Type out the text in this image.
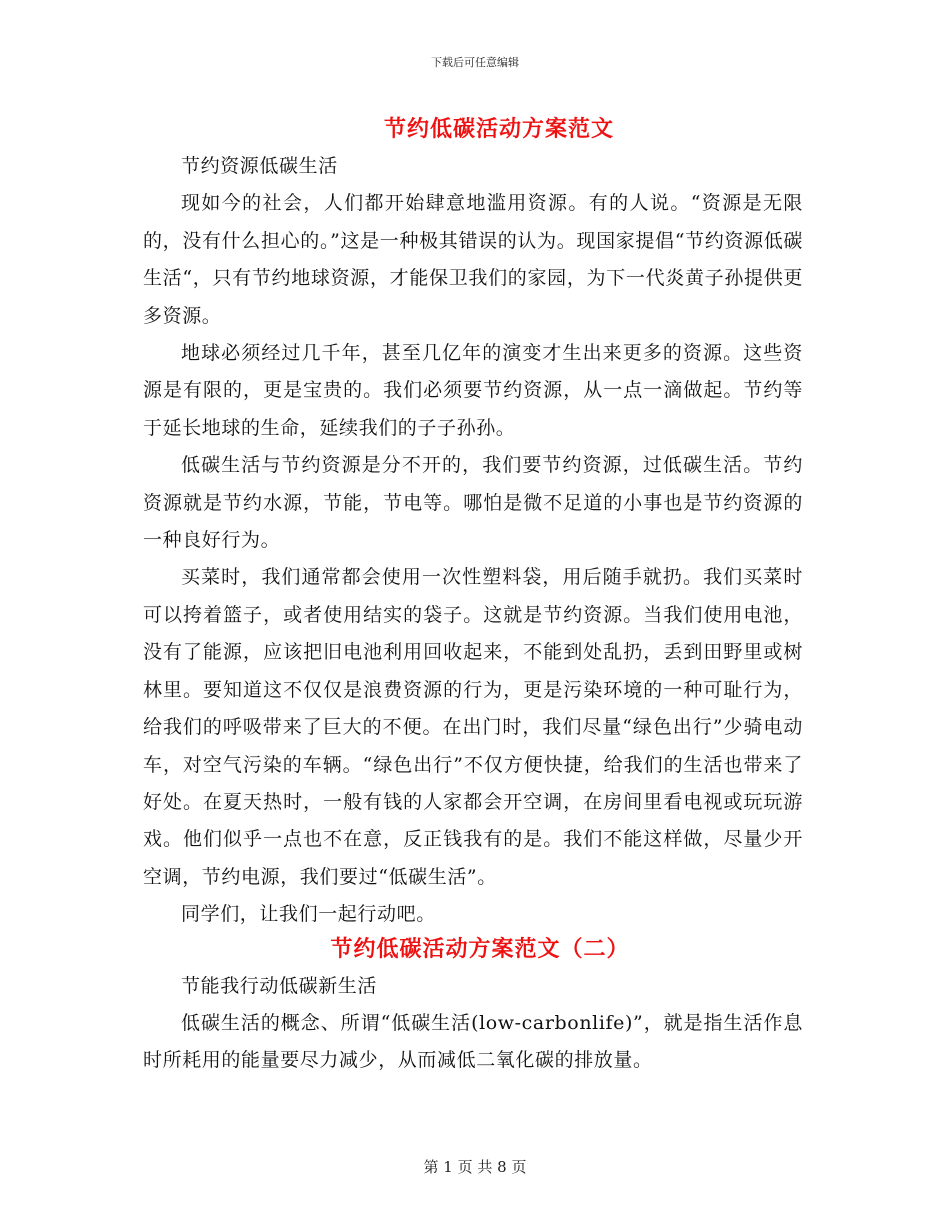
下载后可任意编辑
节约低碳活动方案范文

节约资源低碳生活

现如今的社会，人们都开始肆意地滥用资源。有的人说。“资源是无限的，没有什么担心的。”这是一种极其错误的认为。现国家提倡“节约资源低碳生活“，只有节约地球资源，才能保卫我们的家园，为下一代炎黄子孙提供更多资源。

地球必须经过几千年，甚至几亿年的演变才生出来更多的资源。这些资源是有限的，更是宝贵的。我们必须要节约资源，从一点一滴做起。节约等于延长地球的生命，延续我们的子子孙孙。

低碳生活与节约资源是分不开的，我们要节约资源，过低碳生活。节约资源就是节约水源，节能，节电等。哪怕是微不足道的小事也是节约资源的一种良好行为。

买菜时，我们通常都会使用一次性塑料袋，用后随手就扔。我们买菜时可以挎着篮子，或者使用结实的袋子。这就是节约资源。当我们使用电池，没有了能源，应该把旧电池利用回收起来，不能到处乱扔，丢到田野里或树林里。要知道这不仅仅是浪费资源的行为，更是污染环境的一种可耻行为，给我们的呼吸带来了巨大的不便。在出门时，我们尽量“绿色出行”少骑电动车，对空气污染的车辆。“绿色出行”不仅方便快捷，给我们的生活也带来了好处。在夏天热时，一般有钱的人家都会开空调，在房间里看电视或玩玩游戏。他们似乎一点也不在意，反正钱我有的是。我们不能这样做，尽量少开空调，节约电源，我们要过“低碳生活”。

同学们，让我们一起行动吧。

节约低碳活动方案范文（二）

节能我行动低碳新生活

低碳生活的概念、所谓“低碳生活(low-carbonlife)”，就是指生活作息时所耗用的能量要尽力减少，从而减低二氧化碳的排放量。

第 1 页 共 8 页
